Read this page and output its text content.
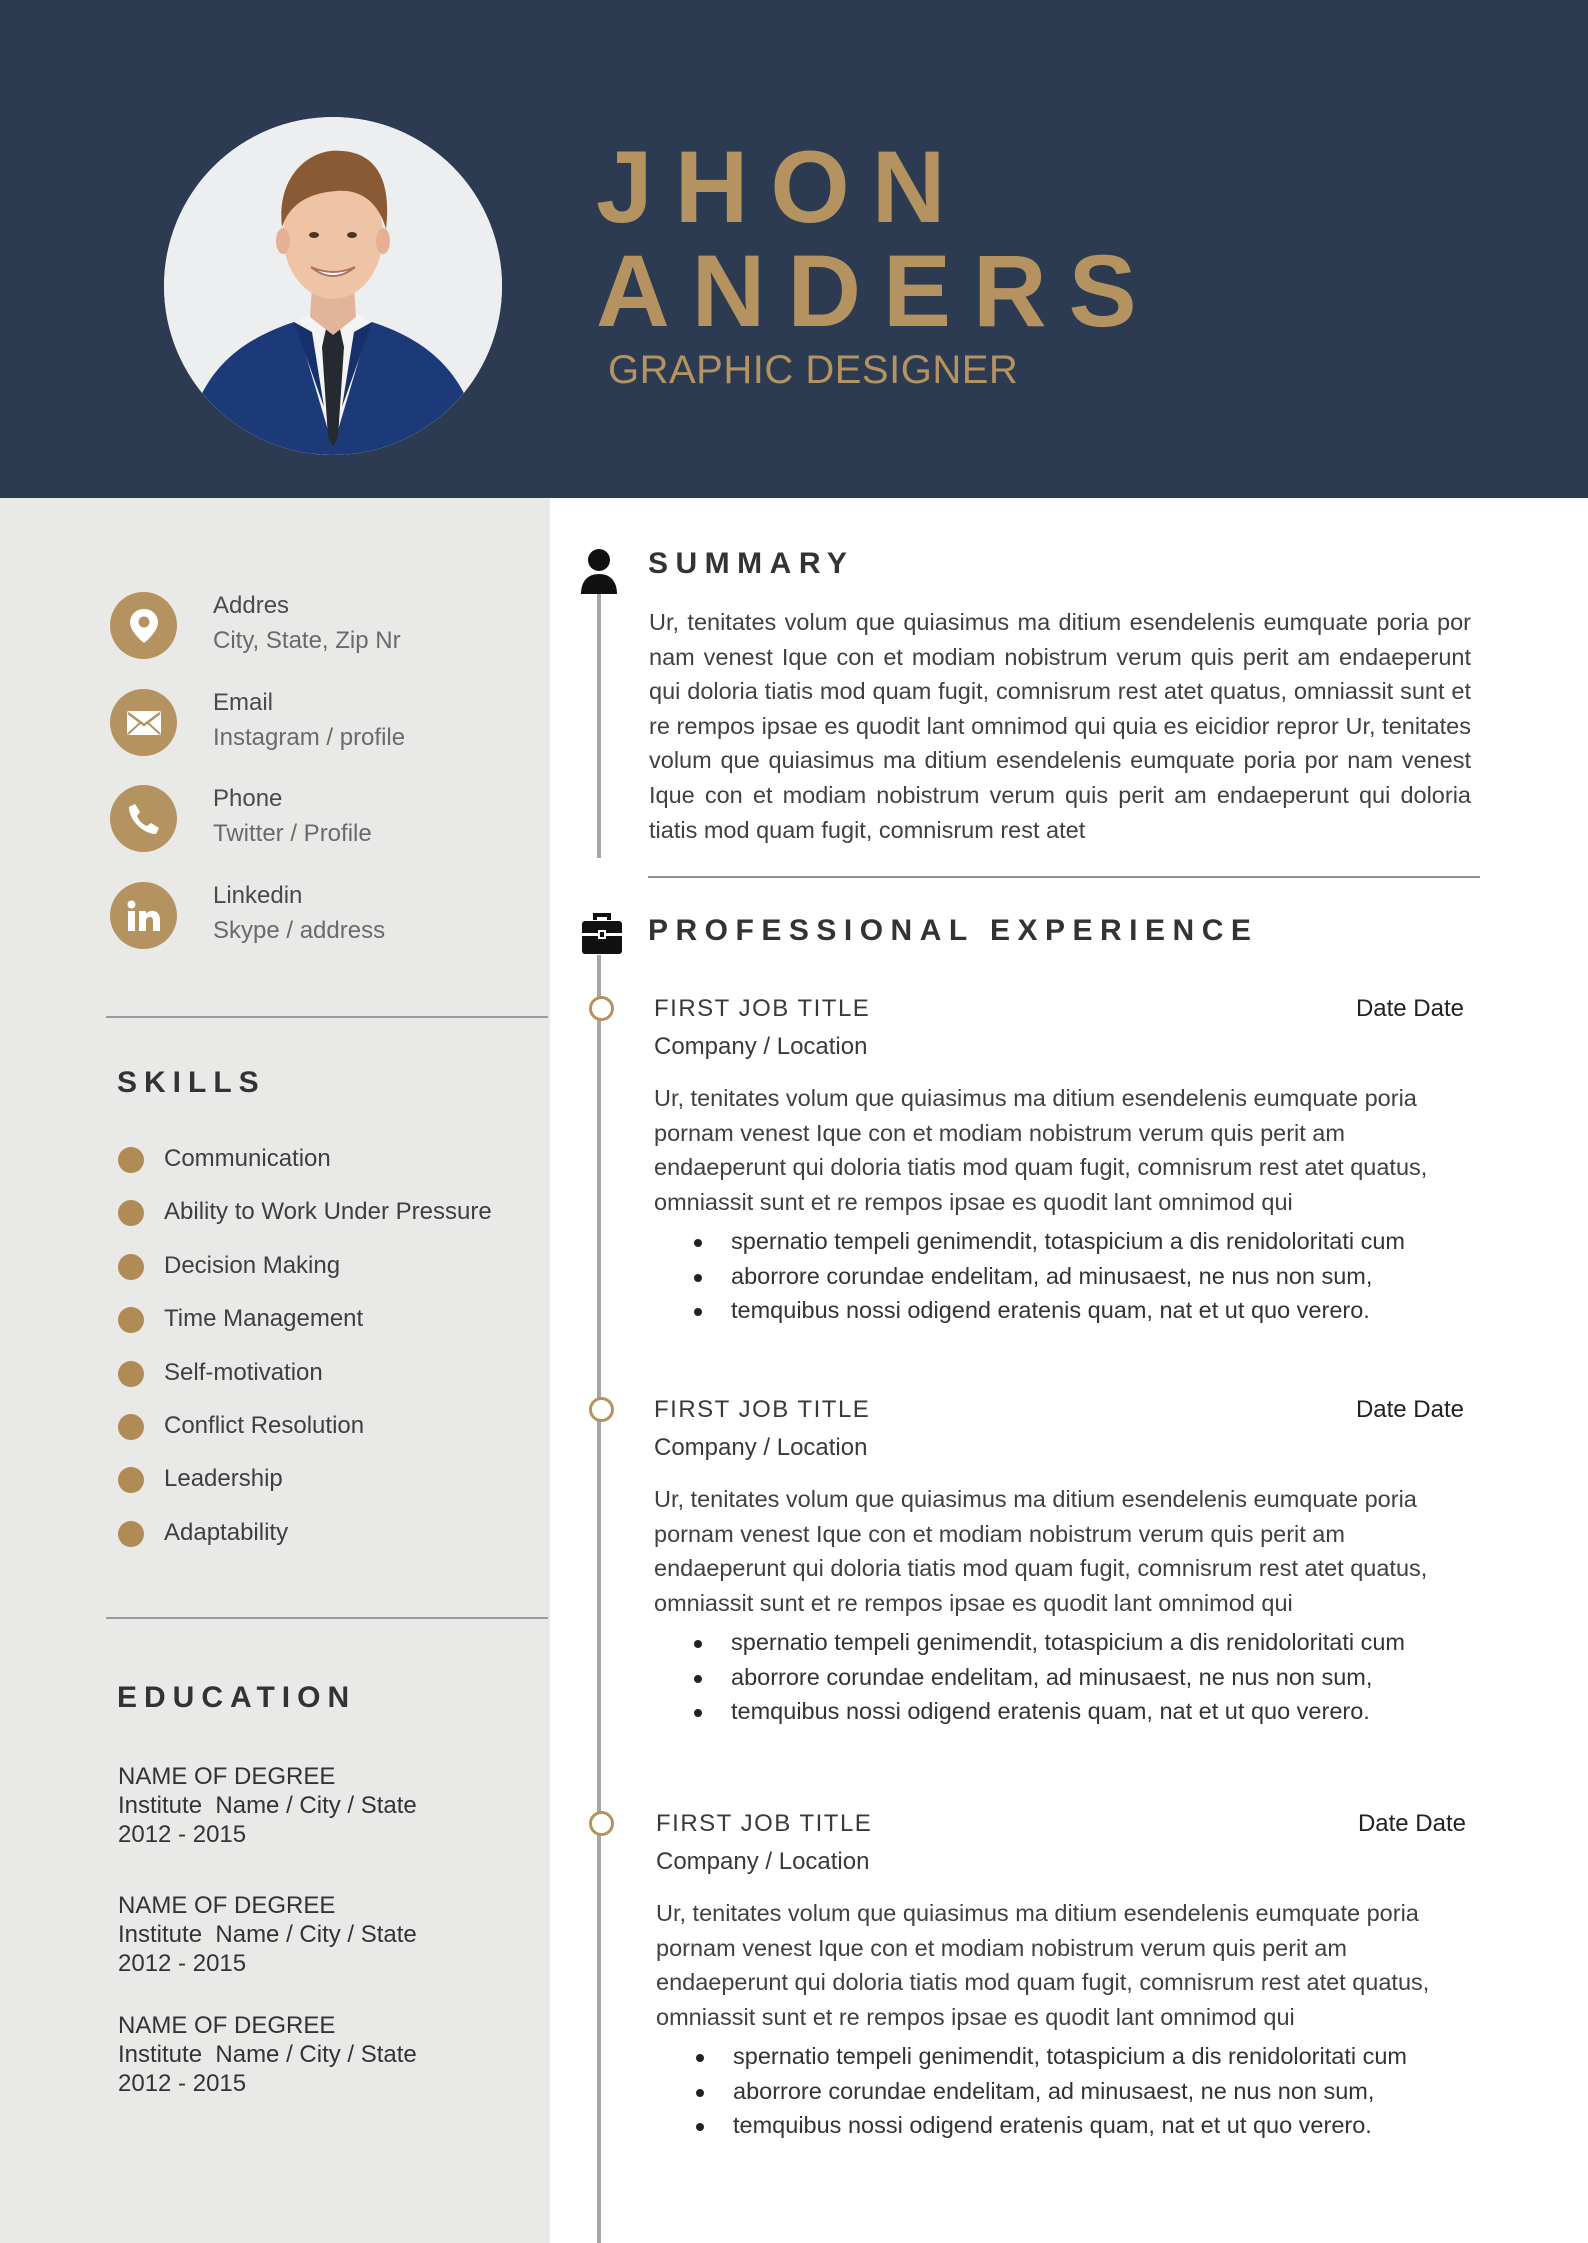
JHON
ANDERS
GRAPHIC DESIGNER
Addres
City, State, Zip Nr
Email
Instagram / profile
Phone
Twitter / Profile
Linkedin
Skype / address
SKILLS
Communication
Ability to Work Under Pressure
Decision Making
Time Management
Self-motivation
Conflict Resolution
Leadership
Adaptability
EDUCATION
NAME OF DEGREE
Institute  Name / City / State
2012 - 2015
NAME OF DEGREE
Institute  Name / City / State
2012 - 2015
NAME OF DEGREE
Institute  Name / City / State
2012 - 2015
SUMMARY

Ur, tenitates volum que quiasimus ma ditium esendelenis eumquate poria por nam venest Ique con et modiam nobistrum verum quis perit am endaeperunt qui doloria tiatis mod quam fugit, comnisrum rest atet quatus, omniassit sunt et re rempos ipsae es quodit lant omnimod qui quia es eicidior repror Ur, tenitates volum que quiasimus ma ditium esendelenis eumquate poria por nam venest Ique con et modiam nobistrum verum quis perit am endaeperunt qui doloria tiatis mod quam fugit, comnisrum rest atet

PROFESSIONAL EXPERIENCE
FIRST JOB TITLE	Date Date
Company / Location

Ur, tenitates volum que quiasimus ma ditium esendelenis eumquate poria pornam venest Ique con et modiam nobistrum verum quis perit am endaeperunt qui doloria tiatis mod quam fugit, comnisrum rest atet quatus, omniassit sunt et re rempos ipsae es quodit lant omnimod qui

spernatio tempeli genimendit, totaspicium a dis renidoloritati cum
aborrore corundae endelitam, ad minusaest, ne nus non sum,
temquibus nossi odigend eratenis quam, nat et ut quo verero.
FIRST JOB TITLE	Date Date
Company / Location

Ur, tenitates volum que quiasimus ma ditium esendelenis eumquate poria pornam venest Ique con et modiam nobistrum verum quis perit am endaeperunt qui doloria tiatis mod quam fugit, comnisrum rest atet quatus, omniassit sunt et re rempos ipsae es quodit lant omnimod qui

spernatio tempeli genimendit, totaspicium a dis renidoloritati cum
aborrore corundae endelitam, ad minusaest, ne nus non sum,
temquibus nossi odigend eratenis quam, nat et ut quo verero.
FIRST JOB TITLE	Date Date
Company / Location

Ur, tenitates volum que quiasimus ma ditium esendelenis eumquate poria pornam venest Ique con et modiam nobistrum verum quis perit am endaeperunt qui doloria tiatis mod quam fugit, comnisrum rest atet quatus, omniassit sunt et re rempos ipsae es quodit lant omnimod qui

spernatio tempeli genimendit, totaspicium a dis renidoloritati cum
aborrore corundae endelitam, ad minusaest, ne nus non sum,
temquibus nossi odigend eratenis quam, nat et ut quo verero.
